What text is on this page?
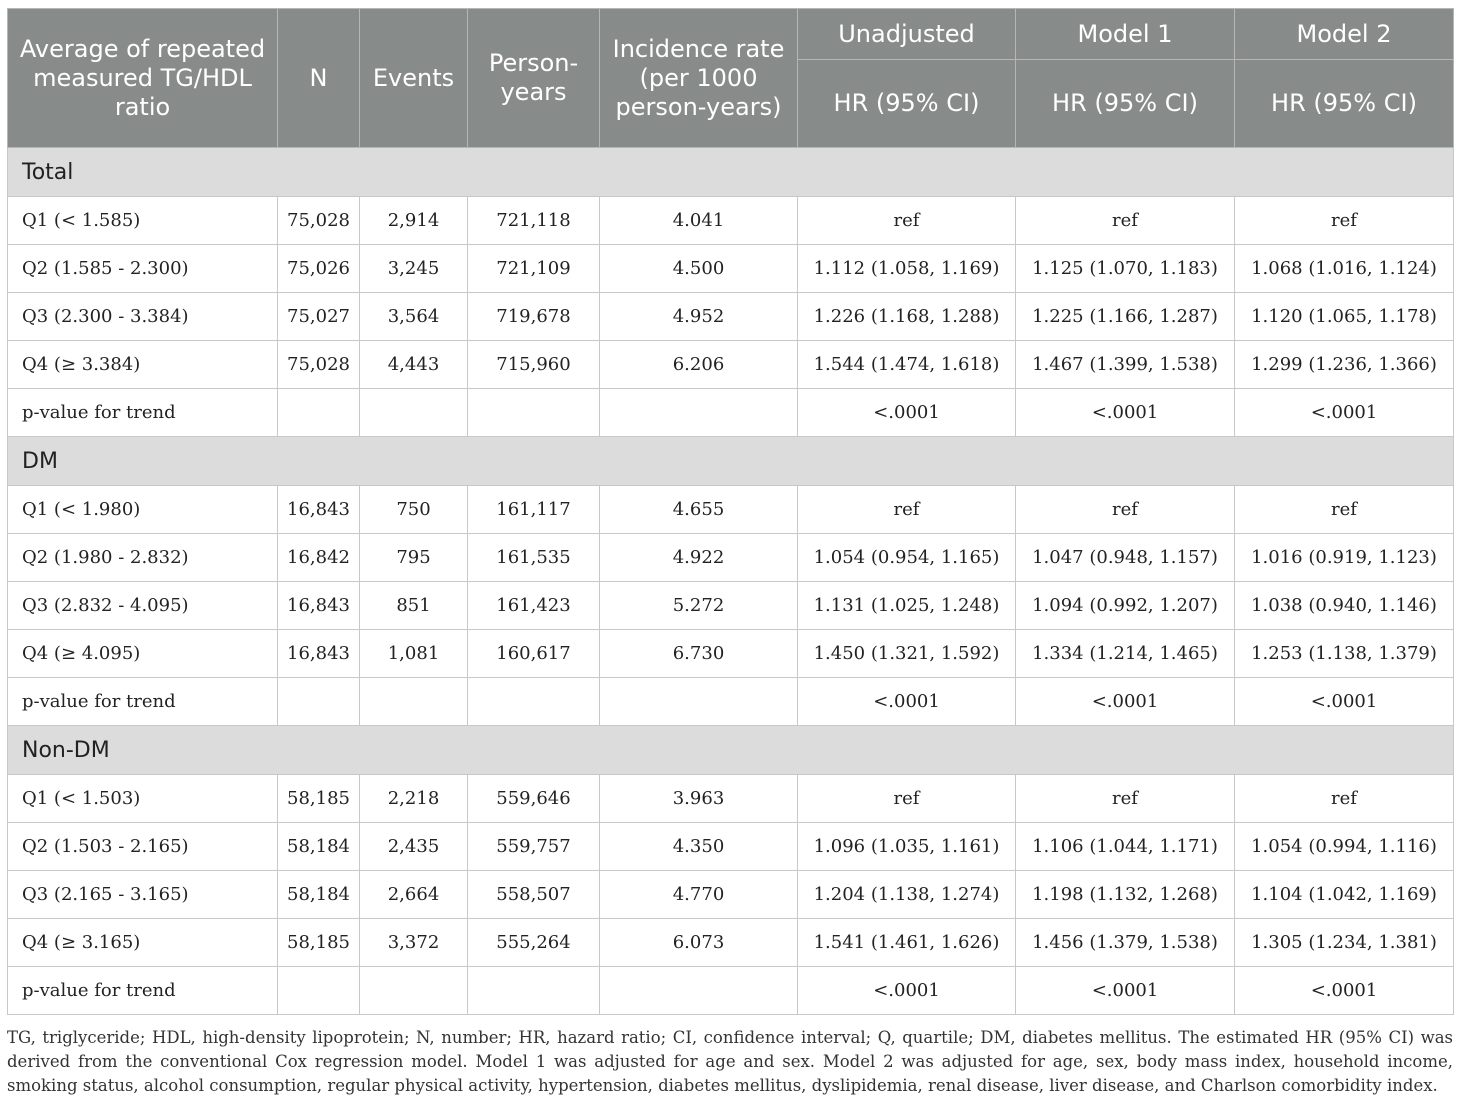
Average of repeated measured TG/HDL ratio	N	Events	Person-years	Incidence rate (per 1000 person-years)	Unadjusted	Model 1	Model 2
					HR (95% CI)	HR (95% CI)	HR (95% CI)
Total							
Q1 (< 1.585)	75,028	2,914	721,118	4.041	ref	ref	ref
Q2 (1.585 - 2.300)	75,026	3,245	721,109	4.500	1.112 (1.058, 1.169)	1.125 (1.070, 1.183)	1.068 (1.016, 1.124)
Q3 (2.300 - 3.384)	75,027	3,564	719,678	4.952	1.226 (1.168, 1.288)	1.225 (1.166, 1.287)	1.120 (1.065, 1.178)
Q4 (≥ 3.384)	75,028	4,443	715,960	6.206	1.544 (1.474, 1.618)	1.467 (1.399, 1.538)	1.299 (1.236, 1.366)
p-value for trend					<.0001	<.0001	<.0001
DM							
Q1 (< 1.980)	16,843	750	161,117	4.655	ref	ref	ref
Q2 (1.980 - 2.832)	16,842	795	161,535	4.922	1.054 (0.954, 1.165)	1.047 (0.948, 1.157)	1.016 (0.919, 1.123)
Q3 (2.832 - 4.095)	16,843	851	161,423	5.272	1.131 (1.025, 1.248)	1.094 (0.992, 1.207)	1.038 (0.940, 1.146)
Q4 (≥ 4.095)	16,843	1,081	160,617	6.730	1.450 (1.321, 1.592)	1.334 (1.214, 1.465)	1.253 (1.138, 1.379)
p-value for trend					<.0001	<.0001	<.0001
Non-DM							
Q1 (< 1.503)	58,185	2,218	559,646	3.963	ref	ref	ref
Q2 (1.503 - 2.165)	58,184	2,435	559,757	4.350	1.096 (1.035, 1.161)	1.106 (1.044, 1.171)	1.054 (0.994, 1.116)
Q3 (2.165 - 3.165)	58,184	2,664	558,507	4.770	1.204 (1.138, 1.274)	1.198 (1.132, 1.268)	1.104 (1.042, 1.169)
Q4 (≥ 3.165)	58,185	3,372	555,264	6.073	1.541 (1.461, 1.626)	1.456 (1.379, 1.538)	1.305 (1.234, 1.381)
p-value for trend					<.0001	<.0001	<.0001
TG, triglyceride; HDL, high-density lipoprotein; N, number; HR, hazard ratio; CI, confidence interval; Q, quartile; DM, diabetes mellitus. The estimated HR (95% CI) was derived from the conventional Cox regression model. Model 1 was adjusted for age and sex. Model 2 was adjusted for age, sex, body mass index, household income, smoking status, alcohol consumption, regular physical activity, hypertension, diabetes mellitus, dyslipidemia, renal disease, liver disease, and Charlson comorbidity index.
